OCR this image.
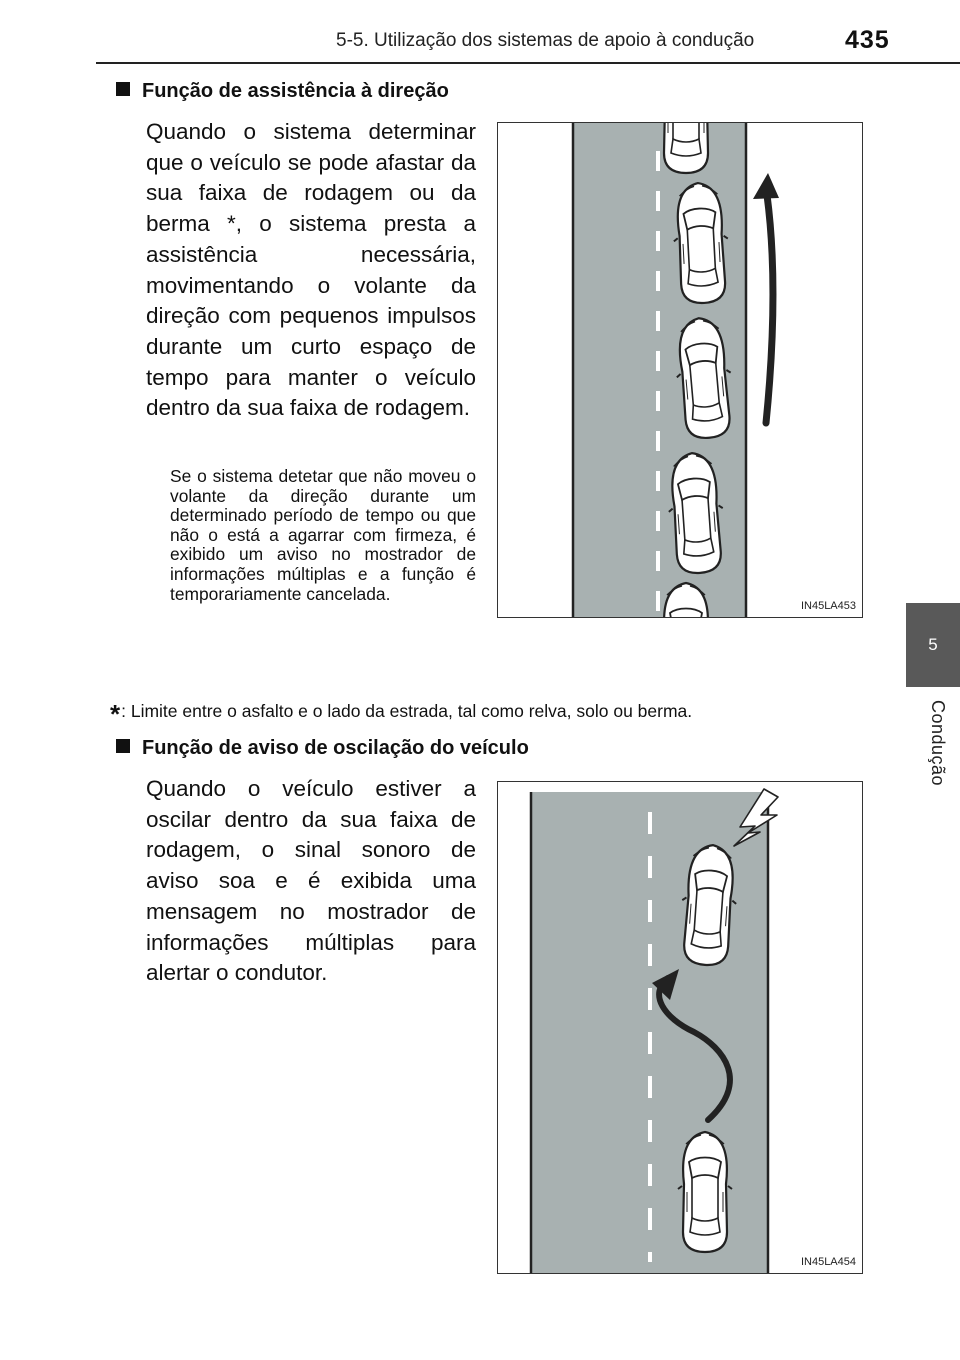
5-5. Utilização dos sistemas de apoio à condução	435
5
Condução
Função de assistência à direção

Quando o sistema determinar que o veículo se pode afastar da sua faixa de rodagem ou da berma *, o sistema presta a assistência necessária, movimentando o volante da direção com pequenos impulsos durante um curto espaço de tempo para manter o veículo dentro da sua faixa de rodagem.

Se o sistema detetar que não moveu o volante da direção durante um determinado período de tempo ou que não o está a agarrar com firmeza, é exibido um aviso no mostrador de informações múltiplas e a função é temporariamente cancelada.

IN45LA453
*: Limite entre o asfalto e o lado da estrada, tal como relva, solo ou berma.
Função de aviso de oscilação do veículo

Quando o veículo estiver a oscilar dentro da sua faixa de rodagem, o sinal sonoro de aviso soa e é exibida uma mensagem no mostrador de informações múltiplas para alertar o condutor.

IN45LA454
